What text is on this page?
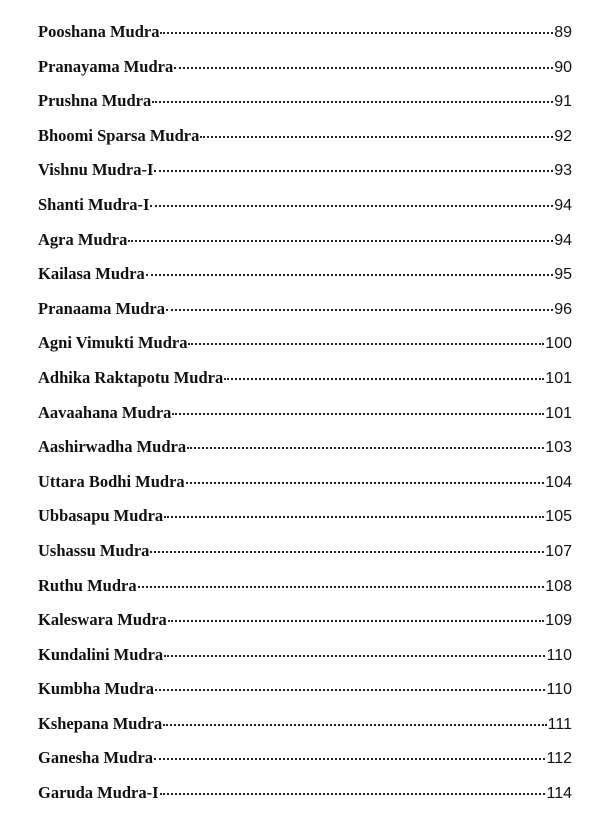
Pooshana Mudra	89
Pranayama Mudra	90
Prushna Mudra	91
Bhoomi Sparsa Mudra	92
Vishnu Mudra-I	93
Shanti Mudra-I	94
Agra Mudra	94
Kailasa Mudra	95
Pranaama Mudra	96
Agni Vimukti Mudra	100
Adhika Raktapotu Mudra	101
Aavaahana Mudra	101
Aashirwadha Mudra	103
Uttara Bodhi Mudra	104
Ubbasapu Mudra	105
Ushassu Mudra	107
Ruthu Mudra	108
Kaleswara Mudra	109
Kundalini Mudra	110
Kumbha Mudra	110
Kshepana Mudra	111
Ganesha Mudra	112
Garuda Mudra-I	114
